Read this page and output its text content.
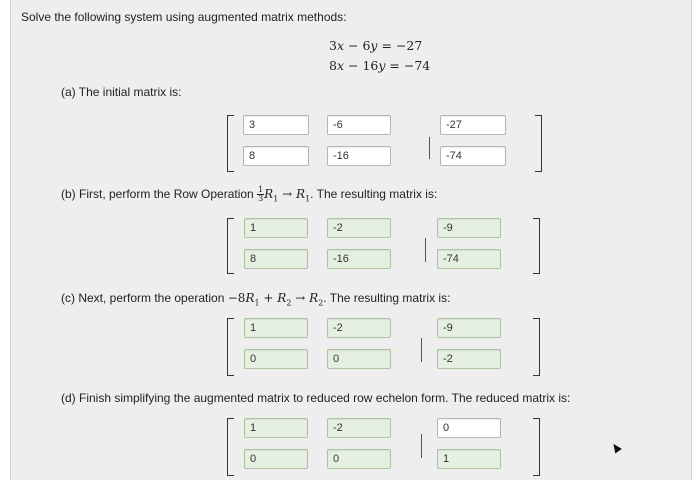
Solve the following system using augmented matrix methods:
3x − 6y = −27
8x − 16y = −74
(a) The initial matrix is:
3
-6
-27
8
-16
-74
(b) First, perform the Row Operation $\frac{1}{3} R_1 \to R_1$. The resulting matrix is:
1
-2
-9
8
-16
-74
(c) Next, perform the operation $-8R_1 + R_2 \to R_2$. The resulting matrix is:
1
-2
-9
0
0
-2
(d) Finish simplifying the augmented matrix to reduced row echelon form. The reduced matrix is:
1
-2
0
0
0
1
